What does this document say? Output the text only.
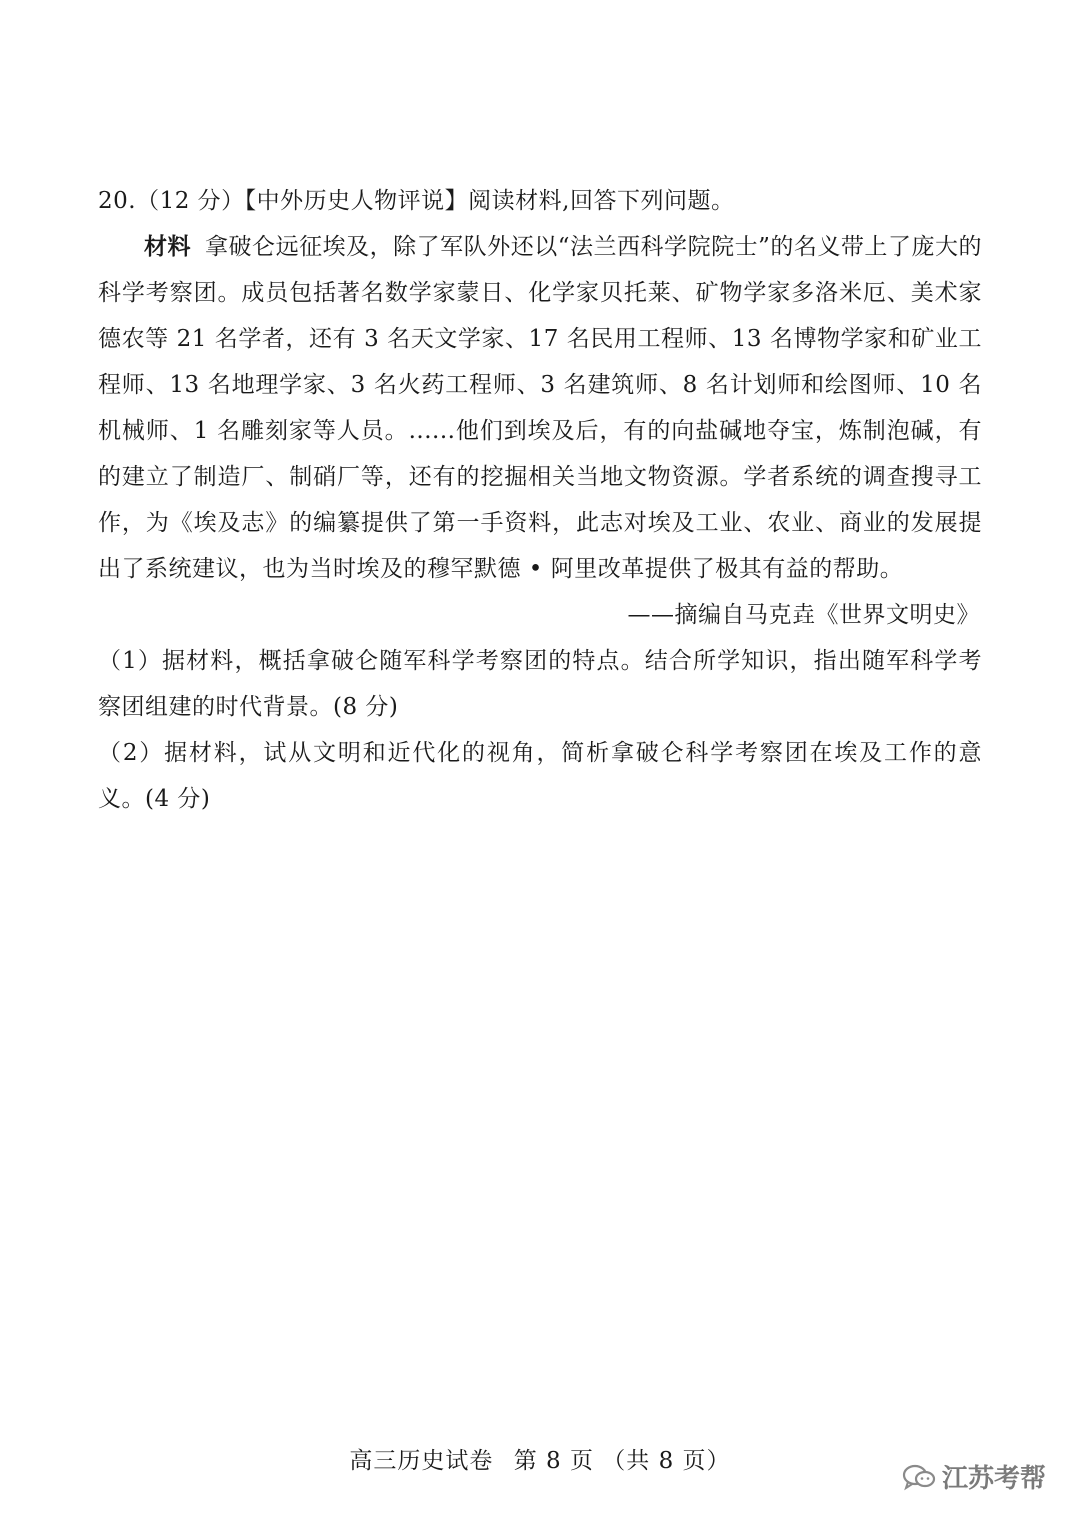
20.（12 分）【中外历史人物评说】阅读材料,回答下列问题。

材料 拿破仑远征埃及，除了军队外还以“法兰西科学院院士”的名义带上了庞大的科学考察团。成员包括著名数学家蒙日、化学家贝托莱、矿物学家多洛米厄、美术家德农等 21 名学者，还有 3 名天文学家、17 名民用工程师、13 名博物学家和矿业工程师、13 名地理学家、3 名火药工程师、3 名建筑师、8 名计划师和绘图师、10 名机械师、1 名雕刻家等人员。......他们到埃及后，有的向盐碱地夺宝，炼制泡碱，有的建立了制造厂、制硝厂等，还有的挖掘相关当地文物资源。学者系统的调查搜寻工作，为《埃及志》的编纂提供了第一手资料，此志对埃及工业、农业、商业的发展提出了系统建议，也为当时埃及的穆罕默德 • 阿里改革提供了极其有益的帮助。

——摘编自马克垚《世界文明史》

（1）据材料，概括拿破仑随军科学考察团的特点。结合所学知识，指出随军科学考察团组建的时代背景。(8 分)

（2）据材料，试从文明和近代化的视角，简析拿破仑科学考察团在埃及工作的意义。(4 分)

高三历史试卷 第 8 页 （共 8 页）
江苏考帮
